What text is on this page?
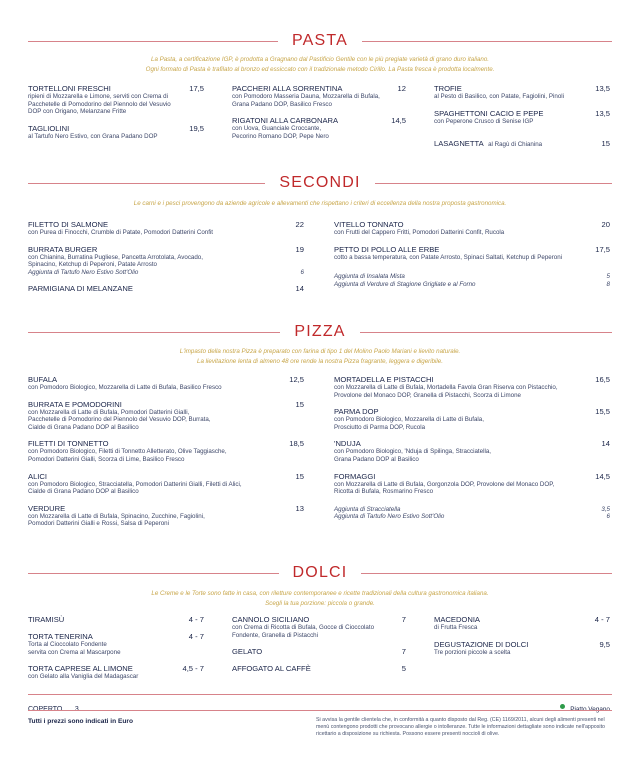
PASTA
La Pasta, a certificazione IGP, è prodotta a Gragnano dal Pastificio Gentile con le più pregiate varietà di grano duro italiano.
Ogni formato di Pasta è trafilato al bronzo ed essiccato con il tradizionale metodo Cirillo. La Pasta fresca è prodotta localmente.
TORTELLONI FRESCHI	17,5
ripieni di Mozzarella e Limone, serviti con Crema di
Pacchetelle di Pomodorino del Piennolo del Vesuvio
DOP con Origano, Melanzane Fritte
TAGLIOLINI	19,5
al Tartufo Nero Estivo, con Grana Padano DOP
PACCHERI ALLA SORRENTINA	12
con Pomodoro Masseria Dauna, Mozzarella di Bufala,
Grana Padano DOP, Basilico Fresco
RIGATONI ALLA CARBONARA	14,5
con Uova, Guanciale Croccante,
Pecorino Romano DOP, Pepe Nero
TROFIE	13,5
al Pesto di Basilico, con Patate, Fagiolini, Pinoli
SPAGHETTONI CACIO E PEPE	13,5
con Peperone Crusco di Senise IGP
LASAGNETTA al Ragù di Chianina	15
SECONDI
Le carni e i pesci provengono da aziende agricole e allevamenti che rispettano i criteri di eccellenza della nostra proposta gastronomica.
FILETTO DI SALMONE	22
con Purea di Finocchi, Crumble di Patate, Pomodori Datterini Confit
BURRATA BURGER	19
con Chianina, Burratina Pugliese, Pancetta Arrotolata, Avocado,
Spinacino, Ketchup di Peperoni, Patate Arrosto
Aggiunta di Tartufo Nero Estivo Sott'Olio	6
PARMIGIANA DI MELANZANE	14
VITELLO TONNATO	20
con Frutti del Cappero Fritti, Pomodori Datterini Confit, Rucola
PETTO DI POLLO ALLE ERBE	17,5
cotto a bassa temperatura, con Patate Arrosto, Spinaci Saltati, Ketchup di Peperoni
Aggiunta di Insalata Mista	5
Aggiunta di Verdure di Stagione Grigliate e al Forno	8
PIZZA
L'impasto della nostra Pizza è preparato con farina di tipo 1 del Molino Paolo Mariani e lievito naturale.
La lievitazione lenta di almeno 48 ore rende la nostra Pizza fragrante, leggera e digeribile.
BUFALA	12,5
con Pomodoro Biologico, Mozzarella di Latte di Bufala, Basilico Fresco
BURRATA E POMODORINI	15
con Mozzarella di Latte di Bufala, Pomodori Datterini Gialli,
Pacchetelle di Pomodorino del Piennolo del Vesuvio DOP, Burrata,
Cialde di Grana Padano DOP al Basilico
FILETTI DI TONNETTO	18,5
con Pomodoro Biologico, Filetti di Tonnetto Alletterato, Olive Taggiasche,
Pomodori Datterini Gialli, Scorza di Lime, Basilico Fresco
ALICI	15
con Pomodoro Biologico, Stracciatella, Pomodori Datterini Gialli, Filetti di Alici,
Cialde di Grana Padano DOP al Basilico
VERDURE	13
con Mozzarella di Latte di Bufala, Spinacino, Zucchine, Fagiolini,
Pomodori Datterini Gialli e Rossi, Salsa di Peperoni
MORTADELLA E PISTACCHI	16,5
con Mozzarella di Latte di Bufala, Mortadella Favola Gran Riserva con Pistacchio,
Provolone del Monaco DOP, Granella di Pistacchi, Scorza di Limone
PARMA DOP	15,5
con Pomodoro Biologico, Mozzarella di Latte di Bufala,
Prosciutto di Parma DOP, Rucola
'NDUJA	14
con Pomodoro Biologico, 'Nduja di Spilinga, Stracciatella,
Grana Padano DOP al Basilico
FORMAGGI	14,5
con Mozzarella di Latte di Bufala, Gorgonzola DOP, Provolone del Monaco DOP,
Ricotta di Bufala, Rosmarino Fresco
Aggiunta di Stracciatella	3,5
Aggiunta di Tartufo Nero Estivo Sott'Olio	6
DOLCI
Le Creme e le Torte sono fatte in casa, con riletture contemporanee e ricette tradizionali della cultura gastronomica italiana.
Scegli la tua porzione: piccola o grande.
TIRAMISÙ	4 - 7
TORTA TENERINA	4 - 7
Torta al Cioccolato Fondente
servita con Crema al Mascarpone
TORTA CAPRESE AL LIMONE	4,5 - 7
con Gelato alla Vaniglia del Madagascar
CANNOLO SICILIANO	7
con Crema di Ricotta di Bufala, Gocce di Cioccolato
Fondente, Granella di Pistacchi
GELATO	7
AFFOGATO AL CAFFÈ	5
MACEDONIA	4 - 7
di Frutta Fresca
DEGUSTAZIONE DI DOLCI	9,5
Tre porzioni piccole a scelta
Tutti i prezzi sono indicati in Euro	Si avvisa la gentile clientela che, in conformità a quanto disposto dal Reg. (CE) 1169/2011, alcuni degli alimenti presenti nel menù contengono prodotti che provocano allergie o intolleranze. Tutte le informazioni dettagliate sono indicate nell'apposito ricettario a disposizione su richiesta. Possono essere presenti noccioli di olive.
